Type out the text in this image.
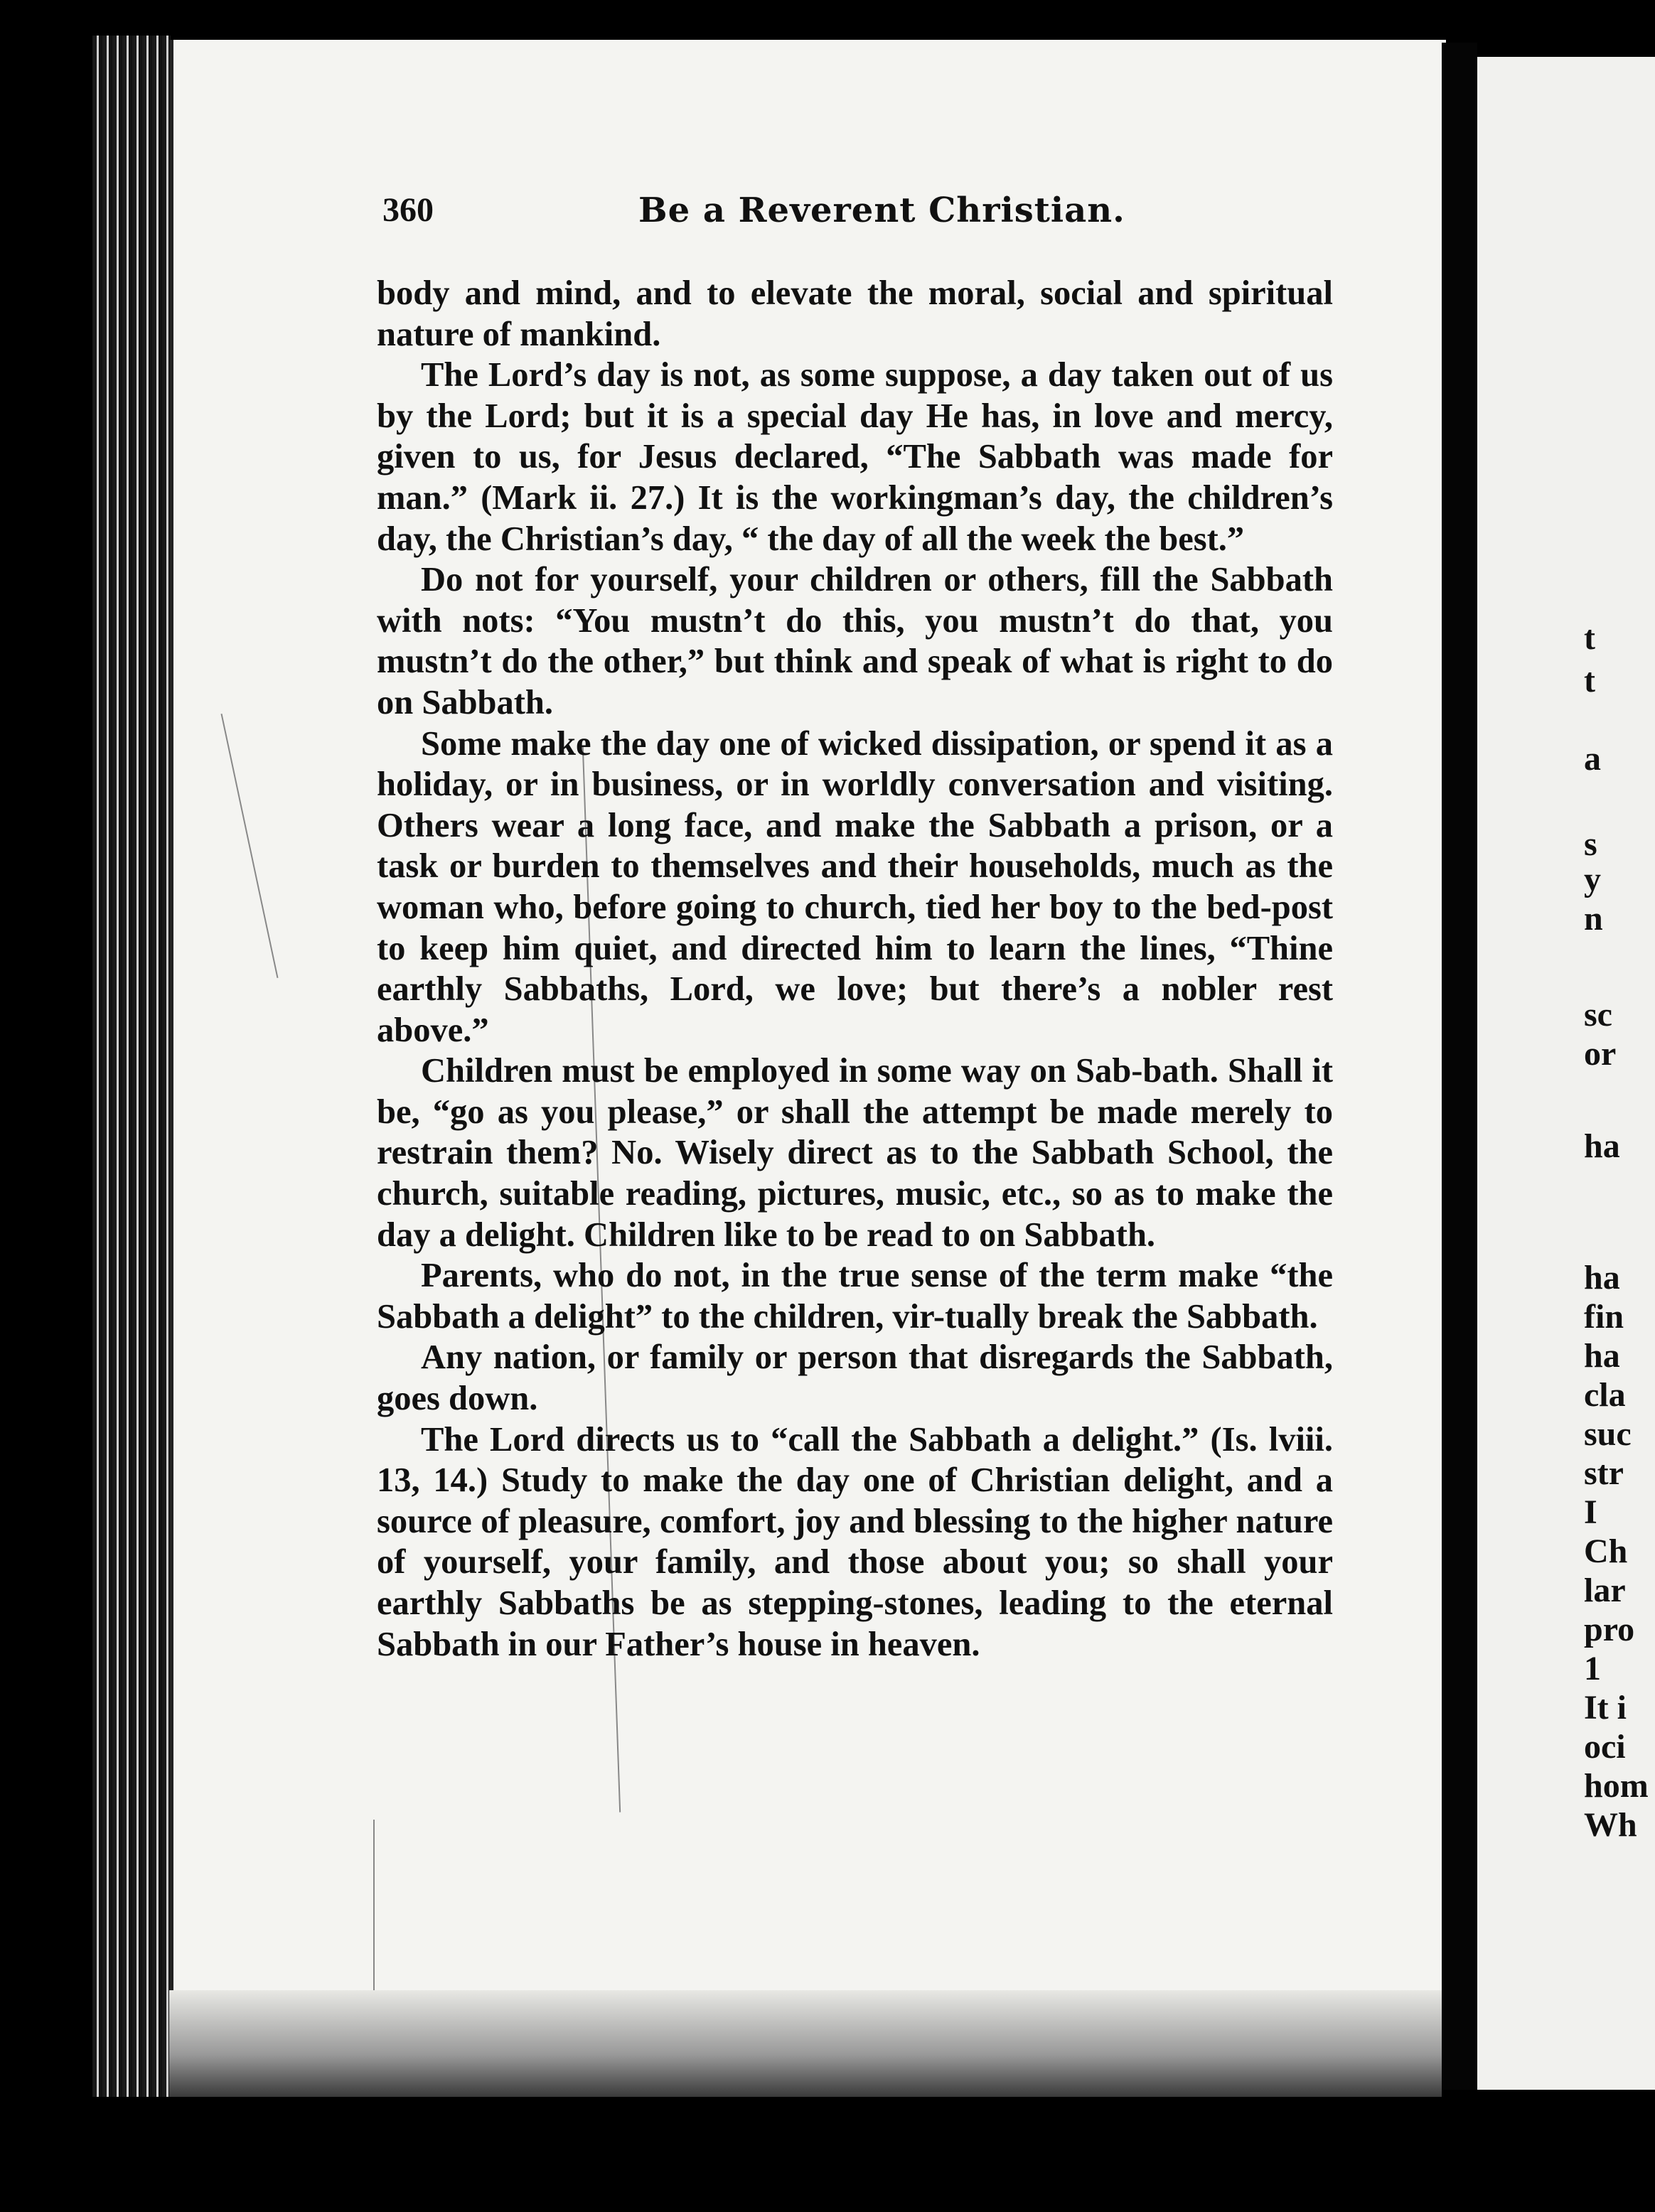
t
t
a
s
y
n
sc
or
ha
ha
fin
ha
cla
suc
str
I
Ch
lar
pro
1
It i
oci
hom
Wh
360	Be a Reverent Christian.

body and mind, and to elevate the moral, social and spiritual nature of mankind.

The Lord’s day is not, as some suppose, a day taken out of us by the Lord; but it is a special day He has, in love and mercy, given to us, for Jesus declared, “The Sabbath was made for man.” (Mark ii. 27.) It is the workingman’s day, the children’s day, the Christian’s day, “ the day of all the week the best.”

Do not for yourself, your children or others, fill the Sabbath with nots: “You mustn’t do this, you mustn’t do that, you mustn’t do the other,” but think and speak of what is right to do on Sabbath.

Some make the day one of wicked dissipation, or spend it as a holiday, or in business, or in worldly conversation and visiting. Others wear a long face, and make the Sabbath a prison, or a task or burden to themselves and their households, much as the woman who, before going to church, tied her boy to the bed-post to keep him quiet, and directed him to learn the lines, “Thine earthly Sabbaths, Lord, we love; but there’s a nobler rest above.”

Children must be employed in some way on Sab-bath. Shall it be, “go as you please,” or shall the attempt be made merely to restrain them? No. Wisely direct as to the Sabbath School, the church, suitable reading, pictures, music, etc., so as to make the day a delight. Children like to be read to on Sabbath.

Parents, who do not, in the true sense of the term make “the Sabbath a delight” to the children, vir-tually break the Sabbath.

Any nation, or family or person that disregards the Sabbath, goes down.

The Lord directs us to “call the Sabbath a delight.” (Is. lviii. 13, 14.) Study to make the day one of Christian delight, and a source of pleasure, comfort, joy and blessing to the higher nature of yourself, your family, and those about you; so shall your earthly Sabbaths be as stepping-stones, leading to the eternal Sabbath in our Father’s house in heaven.
